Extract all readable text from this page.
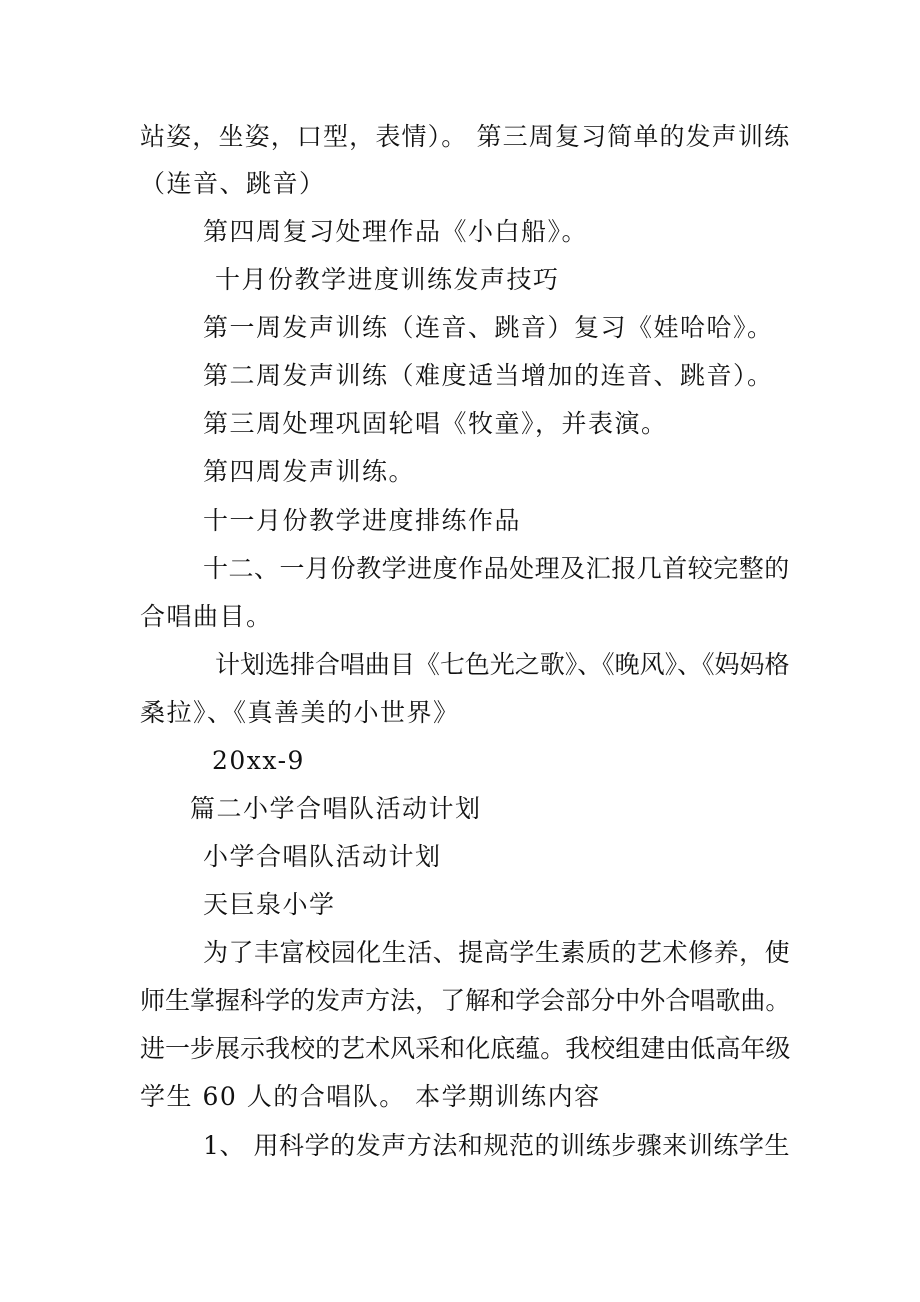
站姿，坐姿，口型，表情）。 第三周复习简单的发声训练
（连音、跳音）
第四周复习处理作品《小白船》。
十月份教学进度训练发声技巧
第一周发声训练（连音、跳音）复习《娃哈哈》。
第二周发声训练（难度适当增加的连音、跳音）。
第三周处理巩固轮唱《牧童》，并表演。
第四周发声训练。
十一月份教学进度排练作品
十二、一月份教学进度作品处理及汇报几首较完整的
合唱曲目。
计划选排合唱曲目《七色光之歌》、《晚风》、《妈妈格
桑拉》、《真善美的小世界》
20xx-9
篇二小学合唱队活动计划
小学合唱队活动计划
天巨泉小学
为了丰富校园化生活、提高学生素质的艺术修养，使
师生掌握科学的发声方法，了解和学会部分中外合唱歌曲。
进一步展示我校的艺术风采和化底蕴。我校组建由低高年级
学生 60 人的合唱队。 本学期训练内容
1、 用科学的发声方法和规范的训练步骤来训练学生
